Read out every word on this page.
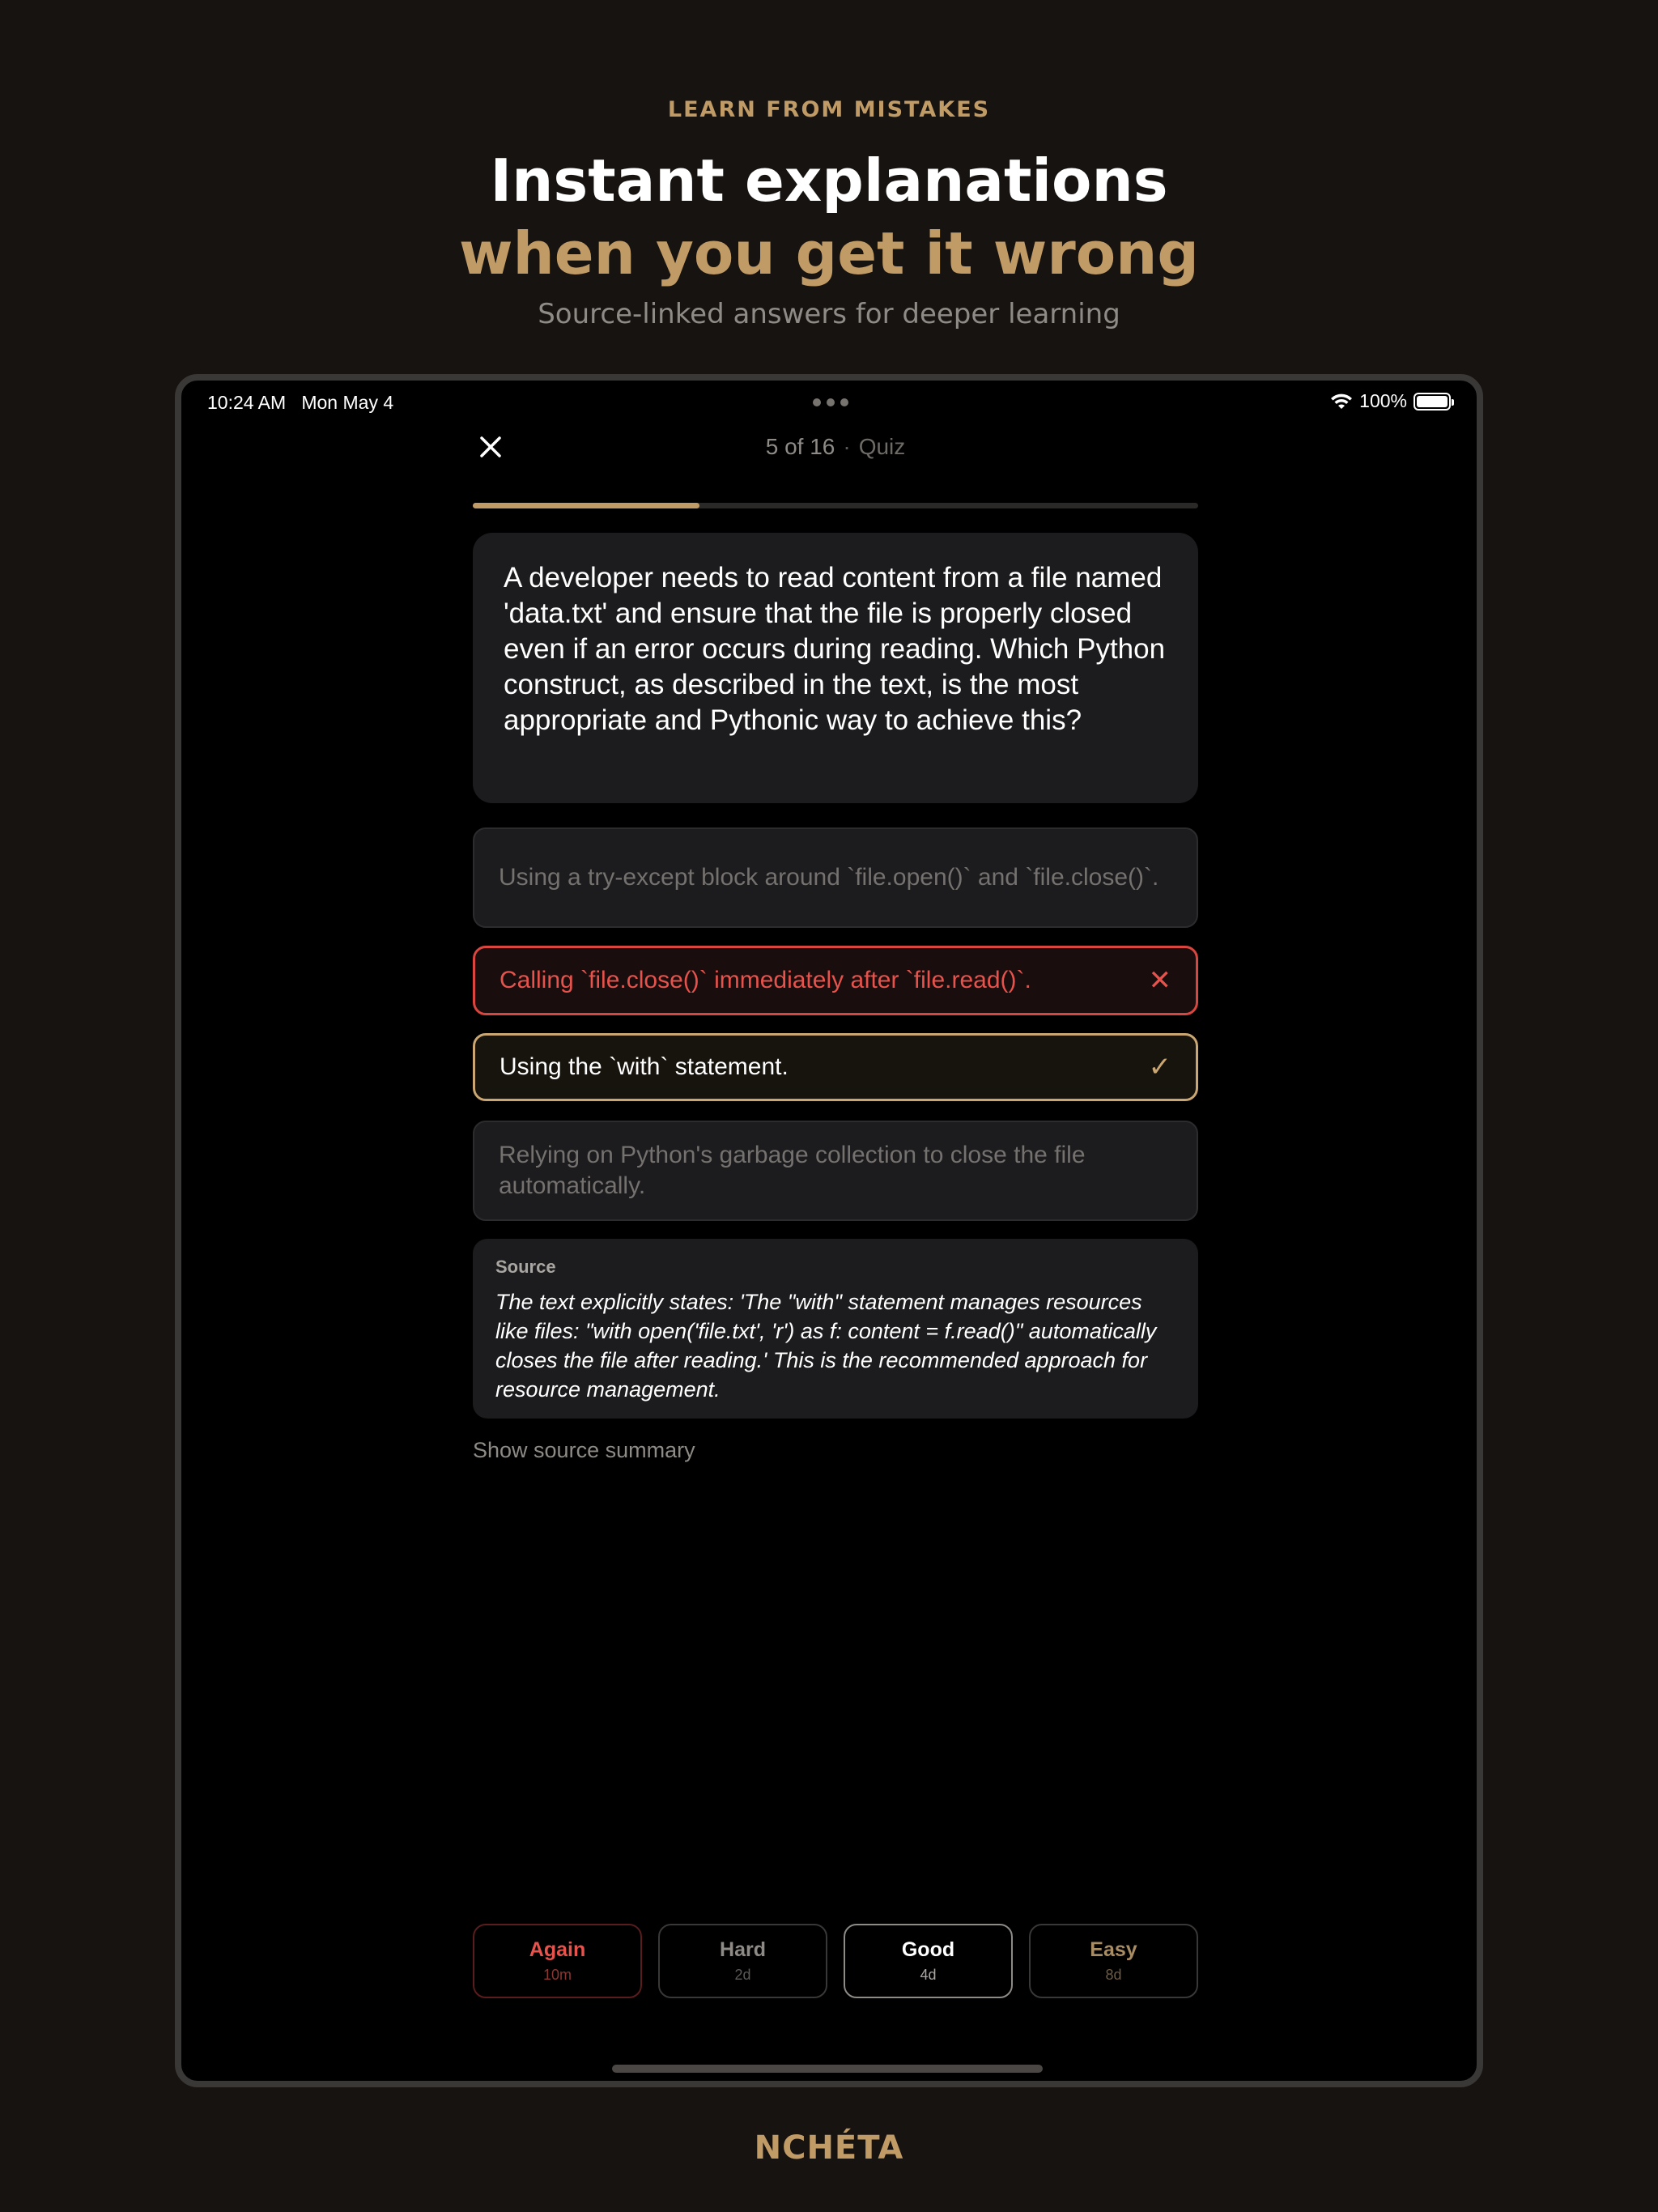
LEARN FROM MISTAKES
Instant explanations
when you get it wrong
Source-linked answers for deeper learning
10:24 AM Mon May 4	100%
5 of 16 · Quiz
A developer needs to read content from a file named 'data.txt' and ensure that the file is properly closed even if an error occurs during reading. Which Python construct, as described in the text, is the most appropriate and Pythonic way to achieve this?
Using a try-except block around `file.open()` and `file.close()`.
Calling `file.close()` immediately after `file.read()`.	✕
Using the `with` statement.	✓
Relying on Python's garbage collection to close the file automatically.
Source
The text explicitly states: 'The "with" statement manages resources like files: "with open('file.txt', 'r') as f: content = f.read()" automatically closes the file after reading.' This is the recommended approach for resource management.
Show source summary
Again
10m
Hard
2d
Good
4d
Easy
8d
NCHÉTA
